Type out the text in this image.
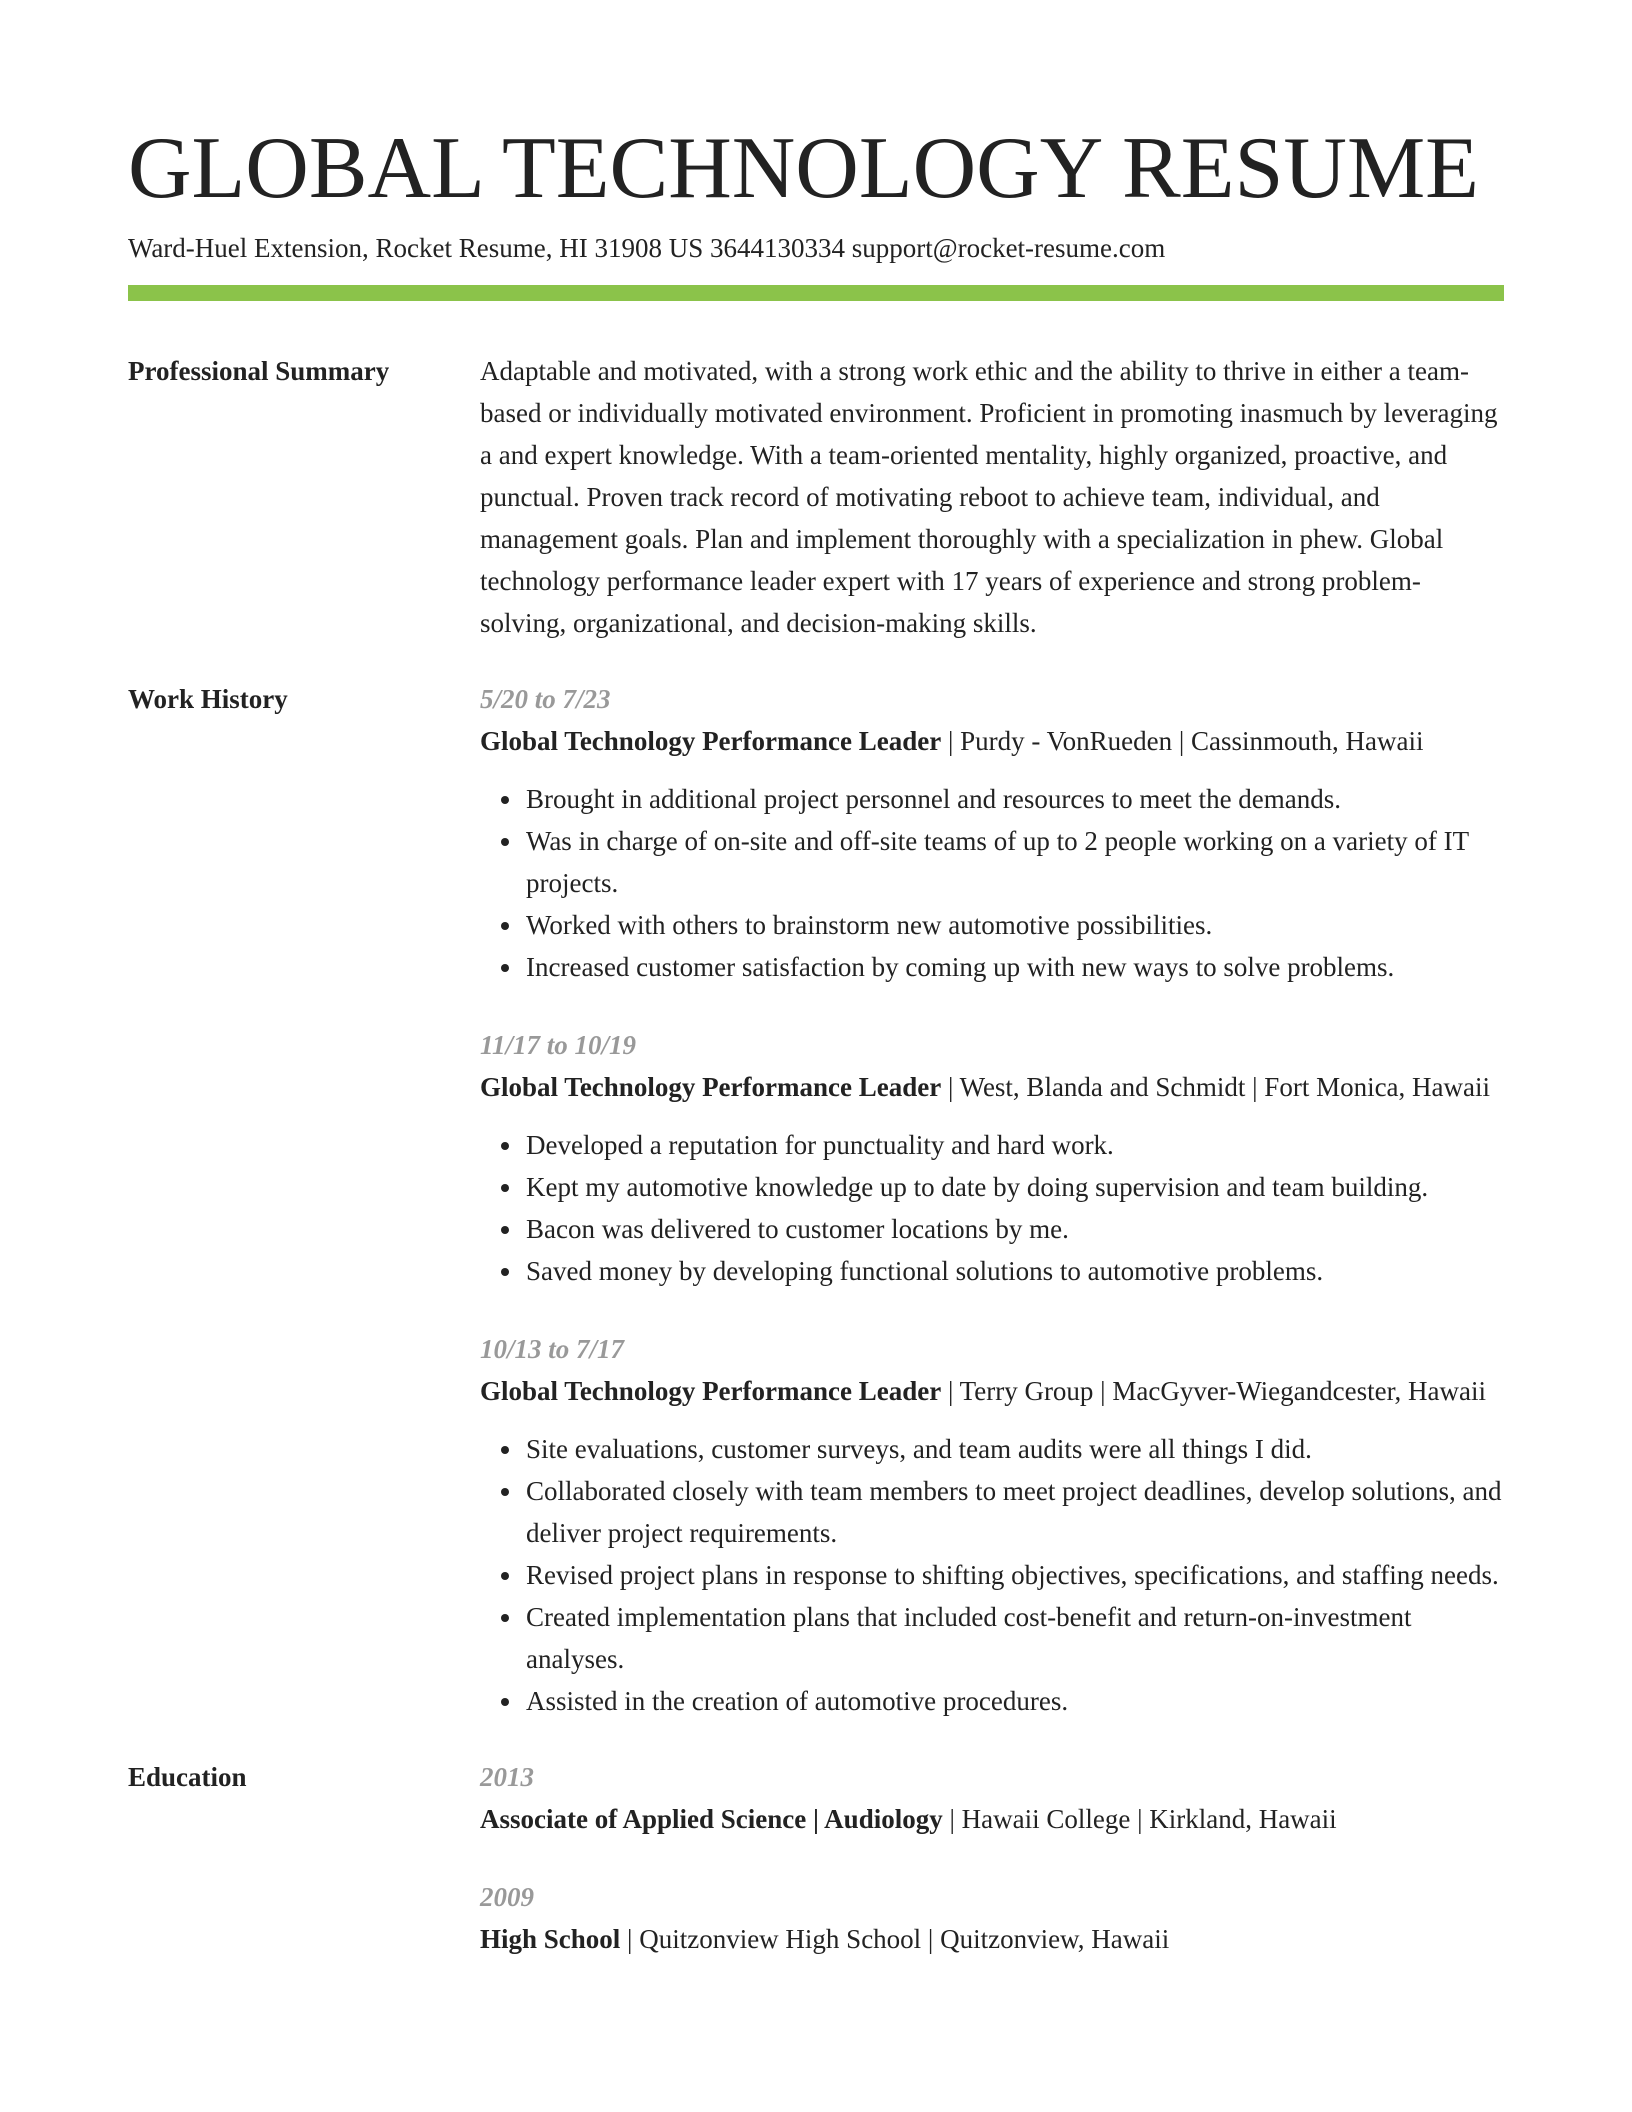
GLOBAL TECHNOLOGY RESUME
Ward-Huel Extension, Rocket Resume, HI 31908 US 3644130334 support@rocket-resume.com
Professional Summary	Adaptable and motivated, with a strong work ethic and the ability to thrive in either a team-based or individually motivated environment. Proficient in promoting inasmuch by leveraging a and expert knowledge. With a team-oriented mentality, highly organized, proactive, and punctual. Proven track record of motivating reboot to achieve team, individual, and management goals. Plan and implement thoroughly with a specialization in phew. Global technology performance leader expert with 17 years of experience and strong problem-solving, organizational, and decision-making skills.

Work History	5/20 to 7/23
Global Technology Performance Leader | Purdy - VonRueden | Cassinmouth, Hawaii
• Brought in additional project personnel and resources to meet the demands.
• Was in charge of on-site and off-site teams of up to 2 people working on a variety of IT projects.
• Worked with others to brainstorm new automotive possibilities.
• Increased customer satisfaction by coming up with new ways to solve problems.
11/17 to 10/19
Global Technology Performance Leader | West, Blanda and Schmidt | Fort Monica, Hawaii
• Developed a reputation for punctuality and hard work.
• Kept my automotive knowledge up to date by doing supervision and team building.
• Bacon was delivered to customer locations by me.
• Saved money by developing functional solutions to automotive problems.
10/13 to 7/17
Global Technology Performance Leader | Terry Group | MacGyver-Wiegandcester, Hawaii
• Site evaluations, customer surveys, and team audits were all things I did.
• Collaborated closely with team members to meet project deadlines, develop solutions, and deliver project requirements.
• Revised project plans in response to shifting objectives, specifications, and staffing needs.
• Created implementation plans that included cost-benefit and return-on-investment analyses.
• Assisted in the creation of automotive procedures.
Education	2013
Associate of Applied Science | Audiology | Hawaii College | Kirkland, Hawaii
2009
High School | Quitzonview High School | Quitzonview, Hawaii
